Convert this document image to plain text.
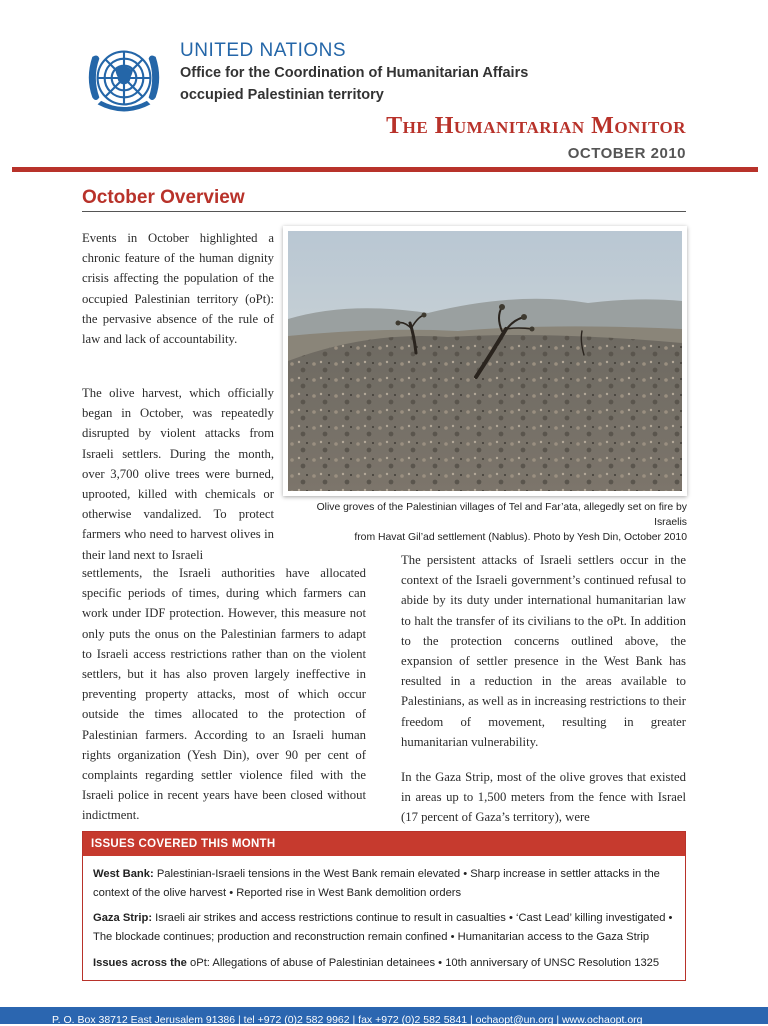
UNITED NATIONS
Office for the Coordination of Humanitarian Affairs
occupied Palestinian territory
The Humanitarian Monitor
OCTOBER 2010
October Overview

Events in October highlighted a chronic feature of the human dignity crisis affecting the population of the occupied Palestinian territory (oPt): the pervasive absence of the rule of law and lack of accountability.

The olive harvest, which officially began in October, was repeatedly disrupted by violent attacks from Israeli settlers. During the month, over 3,700 olive trees were burned, uprooted, killed with chemicals or otherwise vandalized. To protect farmers who need to harvest olives in their land next to Israeli

settlements, the Israeli authorities have allocated specific periods of times, during which farmers can work under IDF protection. However, this measure not only puts the onus on the Palestinian farmers to adapt to Israeli access restrictions rather than on the violent settlers, but it has also proven largely ineffective in preventing property attacks, most of which occur outside the times allocated to the protection of Palestinian farmers. According to an Israeli human rights organization (Yesh Din), over 90 per cent of complaints regarding settler violence filed with the Israeli police in recent years have been closed without indictment.

The persistent attacks of Israeli settlers occur in the context of the Israeli government’s continued refusal to abide by its duty under international humanitarian law to halt the transfer of its civilians to the oPt. In addition to the protection concerns outlined above, the expansion of settler presence in the West Bank has resulted in a reduction in the areas available to Palestinians, as well as in increasing restrictions to their freedom of movement, resulting in greater humanitarian vulnerability.

In the Gaza Strip, most of the olive groves that existed in areas up to 1,500 meters from the fence with Israel (17 percent of Gaza’s territory), were

Olive groves of the Palestinian villages of Tel and Far’ata, allegedly set on fire by Israelis
from Havat Gil’ad settlement (Nablus). Photo by Yesh Din, October 2010
ISSUES COVERED THIS MONTH
West Bank: Palestinian-Israeli tensions in the West Bank remain elevated • Sharp increase in settler attacks in the context of the olive harvest • Reported rise in West Bank demolition orders
Gaza Strip: Israeli air strikes and access restrictions continue to result in casualties • ‘Cast Lead’ killing investigated • The blockade continues; production and reconstruction remain confined • Humanitarian access to the Gaza Strip
Issues across the oPt: Allegations of abuse of Palestinian detainees • 10th anniversary of UNSC Resolution 1325
P. O. Box 38712 East Jerusalem 91386 | tel +972 (0)2 582 9962 | fax +972 (0)2 582 5841 | ochaopt@un.org | www.ochaopt.org
